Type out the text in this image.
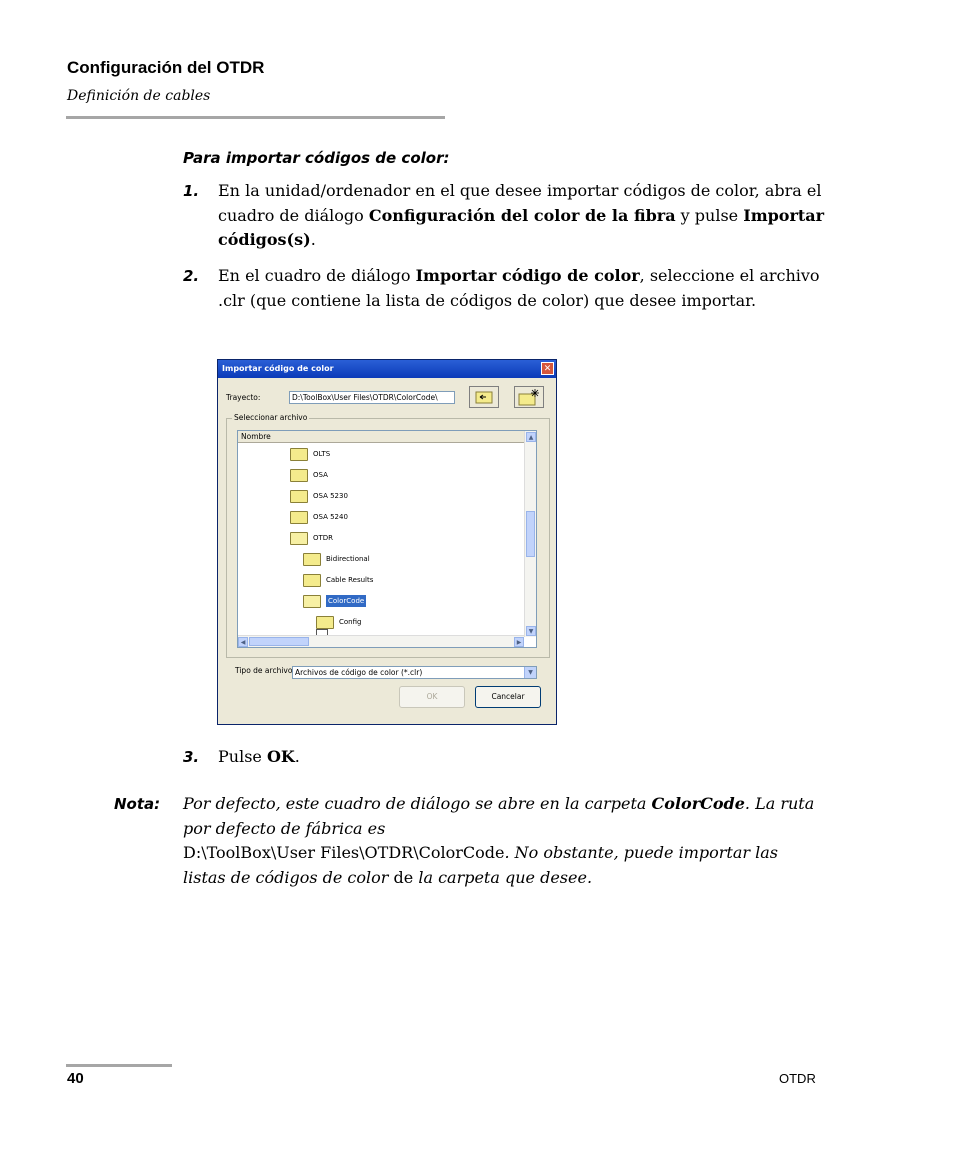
Configuración del OTDR
Definición de cables
Para importar códigos de color:
1. En la unidad/ordenador en el que desee importar códigos de color, abra el cuadro de diálogo Configuración del color de la fibra y pulse Importar códigos(s).
2. En el cuadro de diálogo Importar código de color, seleccione el archivo .clr (que contiene la lista de códigos de color) que desee importar.
Importar código de color	✕
Trayecto:	D:\ToolBox\User Files\OTDR\ColorCode\
Seleccionar archivo
Nombre
OLTS
OSA
OSA 5230
OSA 5240
OTDR
Bidirectional
Cable Results
ColorCode
Config
▲
▼
◀	▶
Tipo de archivo Archivos de código de color (*.clr)	▼
OK	Cancelar
3. Pulse OK.
Nota: Por defecto, este cuadro de diálogo se abre en la carpeta ColorCode. La ruta por defecto de fábrica es
D:\ToolBox\User Files\OTDR\ColorCode. No obstante, puede importar las listas de códigos de color de la carpeta que desee.
40	OTDR
